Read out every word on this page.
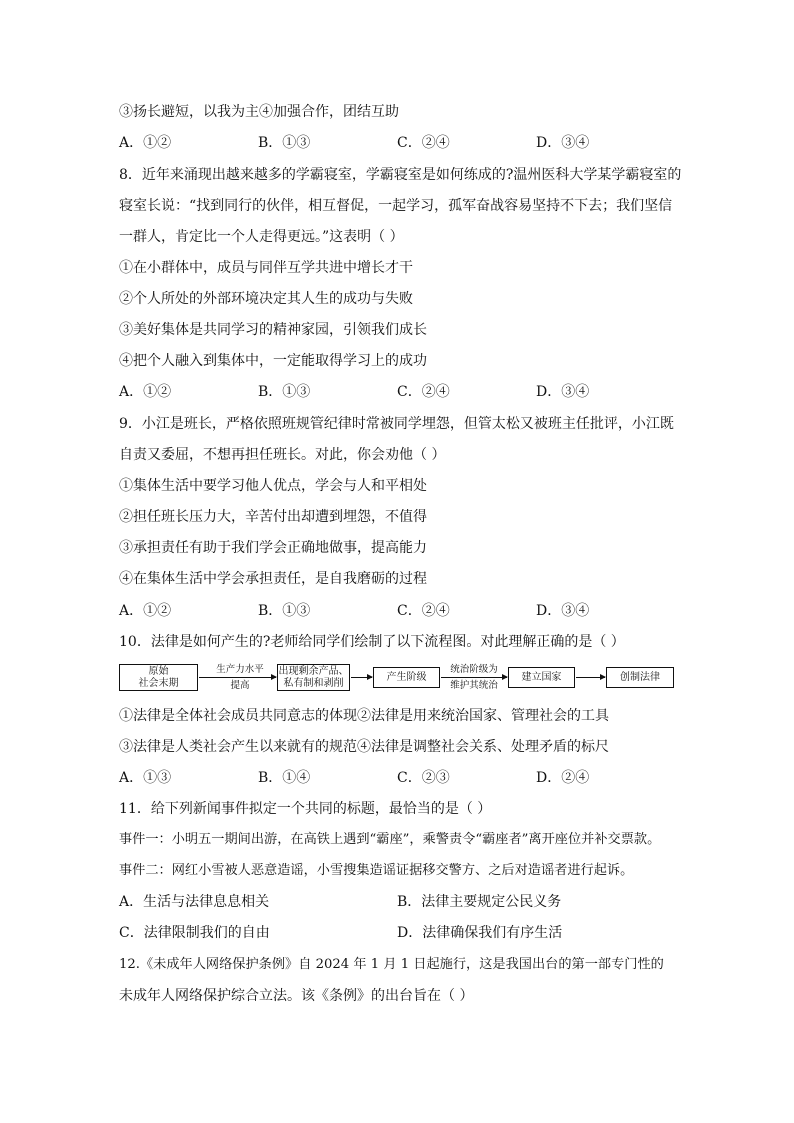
③扬长避短，以我为主④加强合作，团结互助
A．①②	B．①③	C．②④	D．③④
8．近年来涌现出越来越多的学霸寝室，学霸寝室是如何练成的?温州医科大学某学霸寝室的
寝室长说：“找到同行的伙伴，相互督促，一起学习，孤军奋战容易坚持不下去；我们坚信
一群人，肯定比一个人走得更远。”这表明（ ）
①在小群体中，成员与同伴互学共进中增长才干
②个人所处的外部环境决定其人生的成功与失败
③美好集体是共同学习的精神家园，引领我们成长
④把个人融入到集体中，一定能取得学习上的成功
A．①②	B．①③	C．②④	D．③④
9．小江是班长，严格依照班规管纪律时常被同学埋怨，但管太松又被班主任批评，小江既
自责又委屈，不想再担任班长。对此，你会劝他（ ）
①集体生活中要学习他人优点，学会与人和平相处
②担任班长压力大，辛苦付出却遭到埋怨，不值得
③承担责任有助于我们学会正确地做事，提高能力
④在集体生活中学会承担责任，是自我磨砺的过程
A．①②	B．①③	C．②④	D．③④
10．法律是如何产生的?老师给同学们绘制了以下流程图。对此理解正确的是（ ）
原始
社会末期
生产力水平
提高
出现剩余产品、
私有制和剥削
产生阶级
统治阶级为
维护其统治
建立国家	创制法律
①法律是全体社会成员共同意志的体现②法律是用来统治国家、管理社会的工具
③法律是人类社会产生以来就有的规范④法律是调整社会关系、处理矛盾的标尺
A．①③	B．①④	C．②③	D．②④
11．给下列新闻事件拟定一个共同的标题，最恰当的是（ ）
事件一：小明五一期间出游，在高铁上遇到“霸座”，乘警责令“霸座者”离开座位并补交票款。
事件二：网红小雪被人恶意造谣，小雪搜集造谣证据移交警方、之后对造谣者进行起诉。
A．生活与法律息息相关	B．法律主要规定公民义务
C．法律限制我们的自由	D．法律确保我们有序生活
12.《未成年人网络保护条例》自 2024 年 1 月 1 日起施行，这是我国出台的第一部专门性的
未成年人网络保护综合立法。该《条例》的出台旨在（ ）
